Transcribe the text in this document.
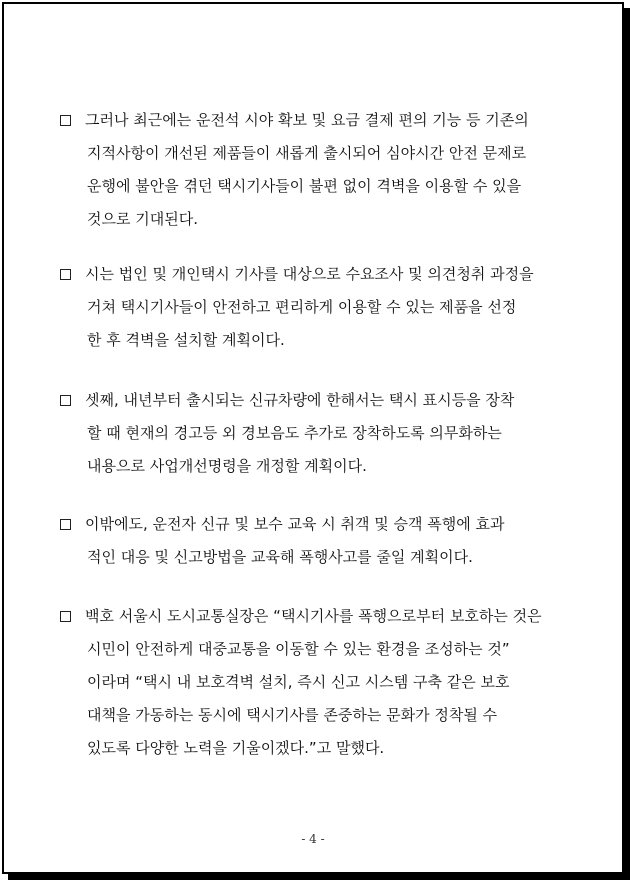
그러나 최근에는 운전석 시야 확보 및 요금 결제 편의 기능 등 기존의
지적사항이 개선된 제품들이 새롭게 출시되어 심야시간 안전 문제로
운행에 불안을 겪던 택시기사들이 불편 없이 격벽을 이용할 수 있을
것으로 기대된다.
시는 법인 및 개인택시 기사를 대상으로 수요조사 및 의견청취 과정을
거쳐 택시기사들이 안전하고 편리하게 이용할 수 있는 제품을 선정
한 후 격벽을 설치할 계획이다.
셋째, 내년부터 출시되는 신규차량에 한해서는 택시 표시등을 장착
할 때 현재의 경고등 외 경보음도 추가로 장착하도록 의무화하는
내용으로 사업개선명령을 개정할 계획이다.
이밖에도, 운전자 신규 및 보수 교육 시 취객 및 승객 폭행에 효과
적인 대응 및 신고방법을 교육해 폭행사고를 줄일 계획이다.
백호 서울시 도시교통실장은 “택시기사를 폭행으로부터 보호하는 것은
시민이 안전하게 대중교통을 이동할 수 있는 환경을 조성하는 것”
이라며 “택시 내 보호격벽 설치, 즉시 신고 시스템 구축 같은 보호
대책을 가동하는 동시에 택시기사를 존중하는 문화가 정착될 수
있도록 다양한 노력을 기울이겠다.”고 말했다.
- 4 -
